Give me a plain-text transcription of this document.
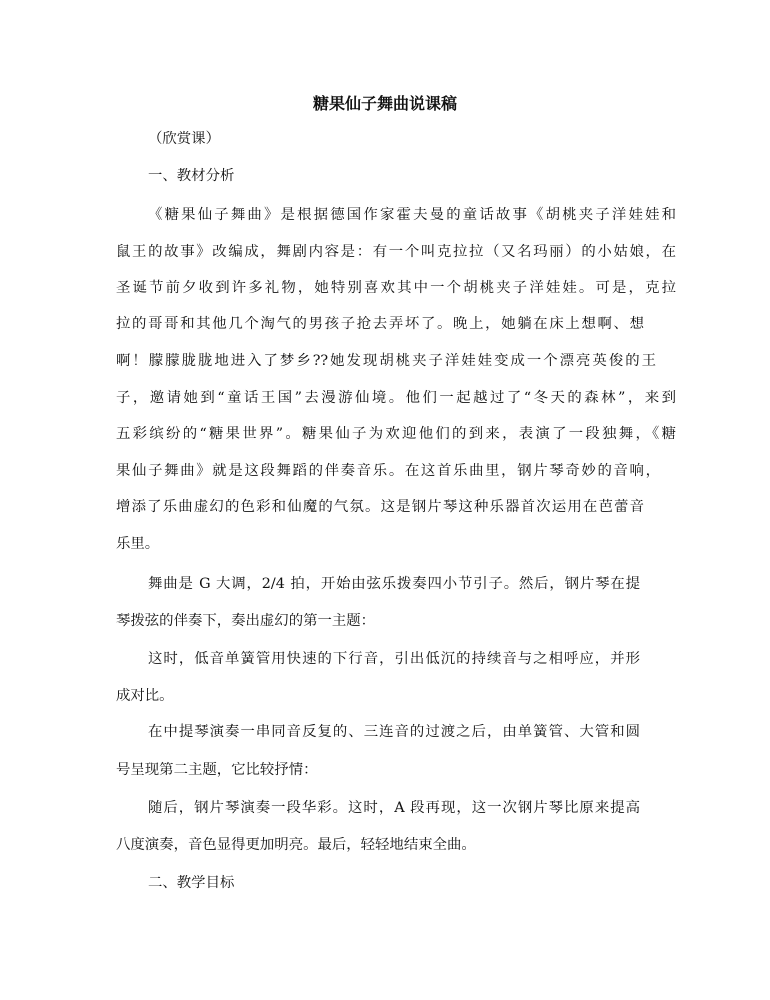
糖果仙子舞曲说课稿
（欣赏课）
一、教材分析
《糖果仙子舞曲》是根据德国作家霍夫曼的童话故事《胡桃夹子洋娃娃和
鼠王的故事》改编成，舞剧内容是：有一个叫克拉拉（又名玛丽）的小姑娘，在
圣诞节前夕收到许多礼物，她特别喜欢其中一个胡桃夹子洋娃娃。可是，克拉
拉的哥哥和其他几个淘气的男孩子抢去弄坏了。晚上，她躺在床上想啊、想
啊！朦朦胧胧地进入了梦乡??她发现胡桃夹子洋娃娃变成一个漂亮英俊的王
子，邀请她到“童话王国”去漫游仙境。他们一起越过了“冬天的森林”，来到
五彩缤纷的“糖果世界”。糖果仙子为欢迎他们的到来，表演了一段独舞，《糖
果仙子舞曲》就是这段舞蹈的伴奏音乐。在这首乐曲里，钢片琴奇妙的音响，
增添了乐曲虚幻的色彩和仙魔的气氛。这是钢片琴这种乐器首次运用在芭蕾音
乐里。
舞曲是 G 大调，2/4 拍，开始由弦乐拨奏四小节引子。然后，钢片琴在提
琴拨弦的伴奏下，奏出虚幻的第一主题：
这时，低音单簧管用快速的下行音，引出低沉的持续音与之相呼应，并形
成对比。
在中提琴演奏一串同音反复的、三连音的过渡之后，由单簧管、大管和圆
号呈现第二主题，它比较抒情：
随后，钢片琴演奏一段华彩。这时，A 段再现，这一次钢片琴比原来提高
八度演奏，音色显得更加明亮。最后，轻轻地结束全曲。
二、教学目标
